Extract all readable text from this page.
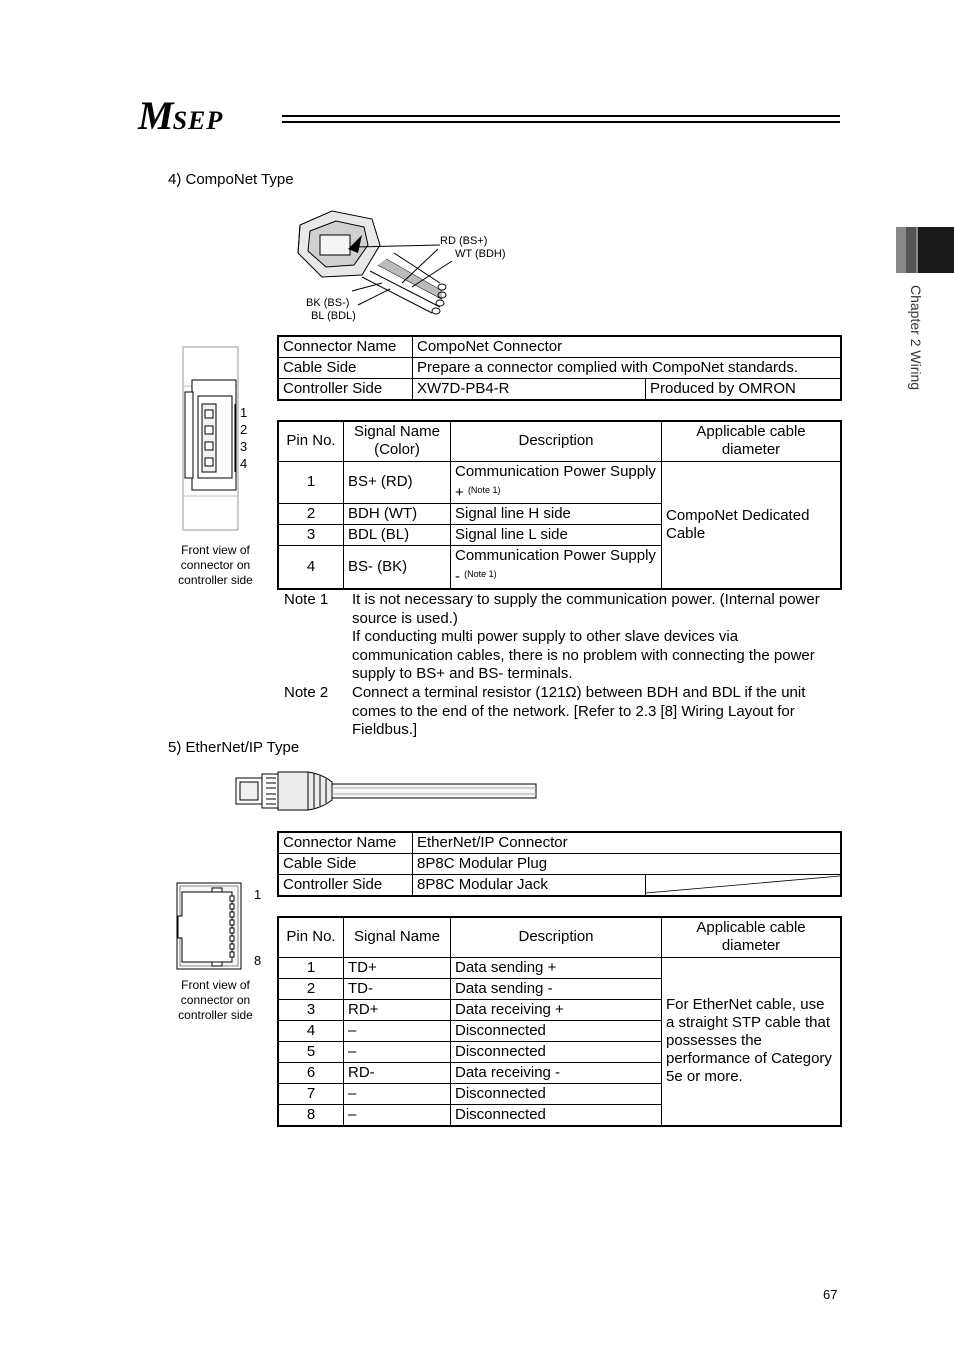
MSEP
Chapter 2 Wiring
4) CompoNet Type
RD (BS+)
WT (BDH)
BK (BS-)
BL (BDL)
1
2
3
4
Front view of connector on controller side
Connector Name	CompoNet Connector	
Cable Side	Prepare a connector complied with CompoNet standards.	
Controller Side	XW7D-PB4-R	Produced by OMRON
Pin No.	Signal Name (Color)	Description	Applicable cable diameter
1	BS+ (RD)	Communication Power Supply + $^{(Note 1)}$	CompoNet Dedicated Cable
2	BDH (WT)	Signal line H side	
3	BDL (BL)	Signal line L side	
4	BS- (BK)	Communication Power Supply - $^{(Note 1)}$
Note 1 It is not necessary to supply the communication power. (Internal power source is used.)
If conducting multi power supply to other slave devices via communication cables, there is no problem with connecting the power supply to BS+ and BS- terminals.
Note 2 Connect a terminal resistor (121Ω) between BDH and BDL if the unit comes to the end of the network. [Refer to 2.3 [8] Wiring Layout for Fieldbus.]
5) EtherNet/IP Type
Connector Name	EtherNet/IP Connector	
Cable Side	8P8C Modular Plug	
Controller Side	8P8C Modular Jack	
1
8
Front view of connector on controller side
Pin No.	Signal Name	Description	Applicable cable diameter
1	TD+	Data sending +	For EtherNet cable, use a straight STP cable that possesses the performance of Category 5e or more.
2	TD-	Data sending -	
3	RD+	Data receiving +	
4	–	Disconnected	
5	–	Disconnected	
6	RD-	Data receiving -	
7	–	Disconnected	
8	–	Disconnected	
67
